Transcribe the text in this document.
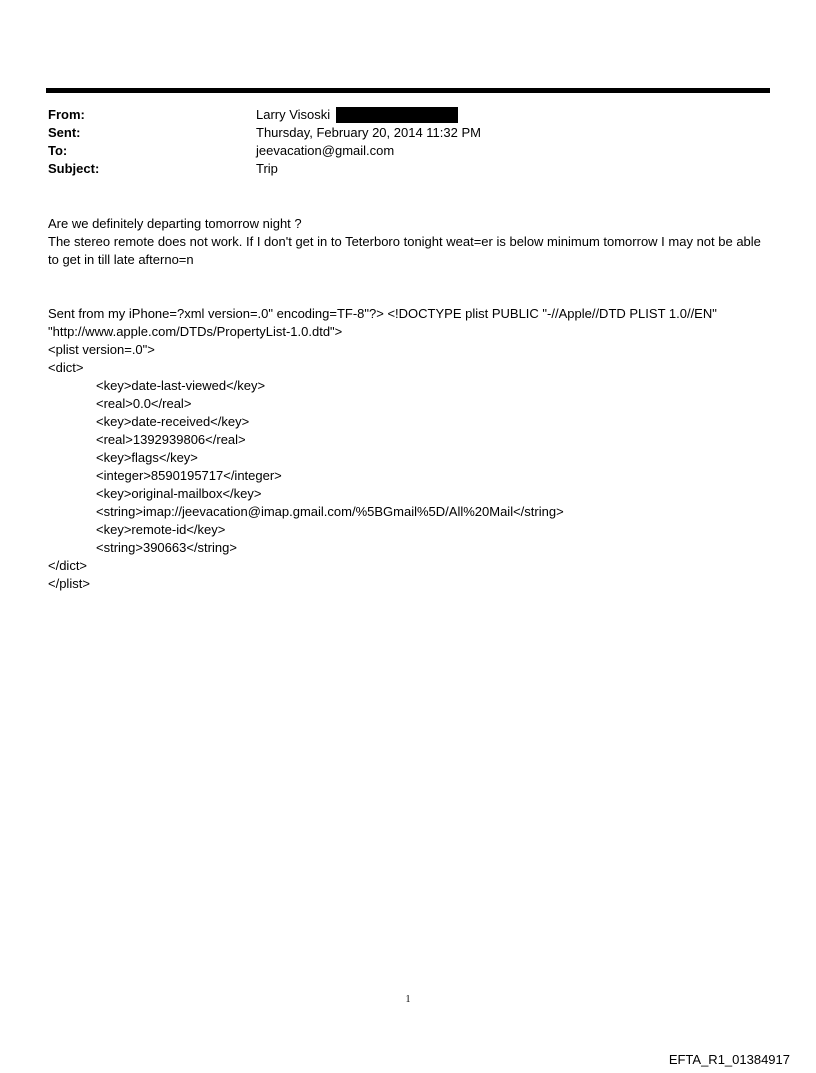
From:	Larry Visoski
Sent:	Thursday, February 20, 2014 11:32 PM
To:	jeevacation@gmail.com
Subject:	Trip

Are we definitely departing tomorrow night ?

The stereo remote does not work. If I don't get in to Teterboro tonight weat=er is below minimum tomorrow I may not be able to get in till late afterno=n

Sent from my iPhone=?xml version=.0" encoding=TF-8"?> <!DOCTYPE plist PUBLIC "-//Apple//DTD PLIST 1.0//EN"
"http://www.apple.com/DTDs/PropertyList-1.0.dtd">
<plist version=.0">
<dict>
<key>date-last-viewed</key>
<real>0.0</real>
<key>date-received</key>
<real>1392939806</real>
<key>flags</key>
<integer>8590195717</integer>
<key>original-mailbox</key>
<string>imap://jeevacation@imap.gmail.com/%5BGmail%5D/All%20Mail</string>
<key>remote-id</key>
<string>390663</string>
</dict>
</plist>
1
EFTA_R1_01384917
